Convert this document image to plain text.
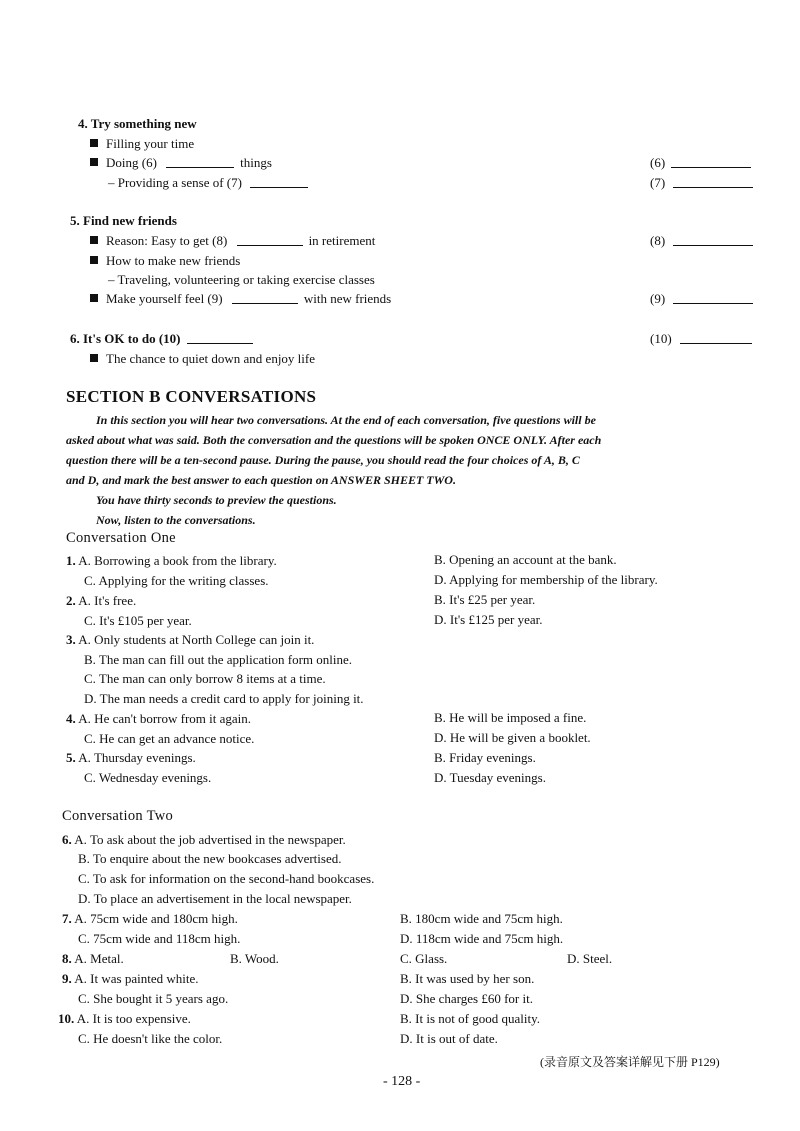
4. Try something new
Filling your time
Doing (6)	things	(6)
– Providing a sense of (7)	(7)
5. Find new friends
Reason: Easy to get (8)	in retirement	(8)
How to make new friends
– Traveling, volunteering or taking exercise classes
Make yourself feel (9)	with new friends	(9)
6. It's OK to do (10)	(10)
The chance to quiet down and enjoy life
SECTION B CONVERSATIONS
In this section you will hear two conversations. At the end of each conversation, five questions will be
asked about what was said. Both the conversation and the questions will be spoken ONCE ONLY. After each
question there will be a ten-second pause. During the pause, you should read the four choices of A, B, C
and D, and mark the best answer to each question on ANSWER SHEET TWO.
You have thirty seconds to preview the questions.
Now, listen to the conversations.
Conversation One
1. A. Borrowing a book from the library.	B. Opening an account at the bank.
C. Applying for the writing classes.	D. Applying for membership of the library.
2. A. It's free.	B. It's £25 per year.
C. It's £105 per year.	D. It's £125 per year.
3. A. Only students at North College can join it.
B. The man can fill out the application form online.
C. The man can only borrow 8 items at a time.
D. The man needs a credit card to apply for joining it.
4. A. He can't borrow from it again.	B. He will be imposed a fine.
C. He can get an advance notice.	D. He will be given a booklet.
5. A. Thursday evenings.	B. Friday evenings.
C. Wednesday evenings.	D. Tuesday evenings.
Conversation Two
6. A. To ask about the job advertised in the newspaper.
B. To enquire about the new bookcases advertised.
C. To ask for information on the second-hand bookcases.
D. To place an advertisement in the local newspaper.
7. A. 75cm wide and 180cm high.	B. 180cm wide and 75cm high.
C. 75cm wide and 118cm high.	D. 118cm wide and 75cm high.
8. A. Metal.	B. Wood.	C. Glass.	D. Steel.
9. A. It was painted white.	B. It was used by her son.
C. She bought it 5 years ago.	D. She charges £60 for it.
10. A. It is too expensive.	B. It is not of good quality.
C. He doesn't like the color.	D. It is out of date.
(录音原文及答案详解见下册 P129)
- 128 -
